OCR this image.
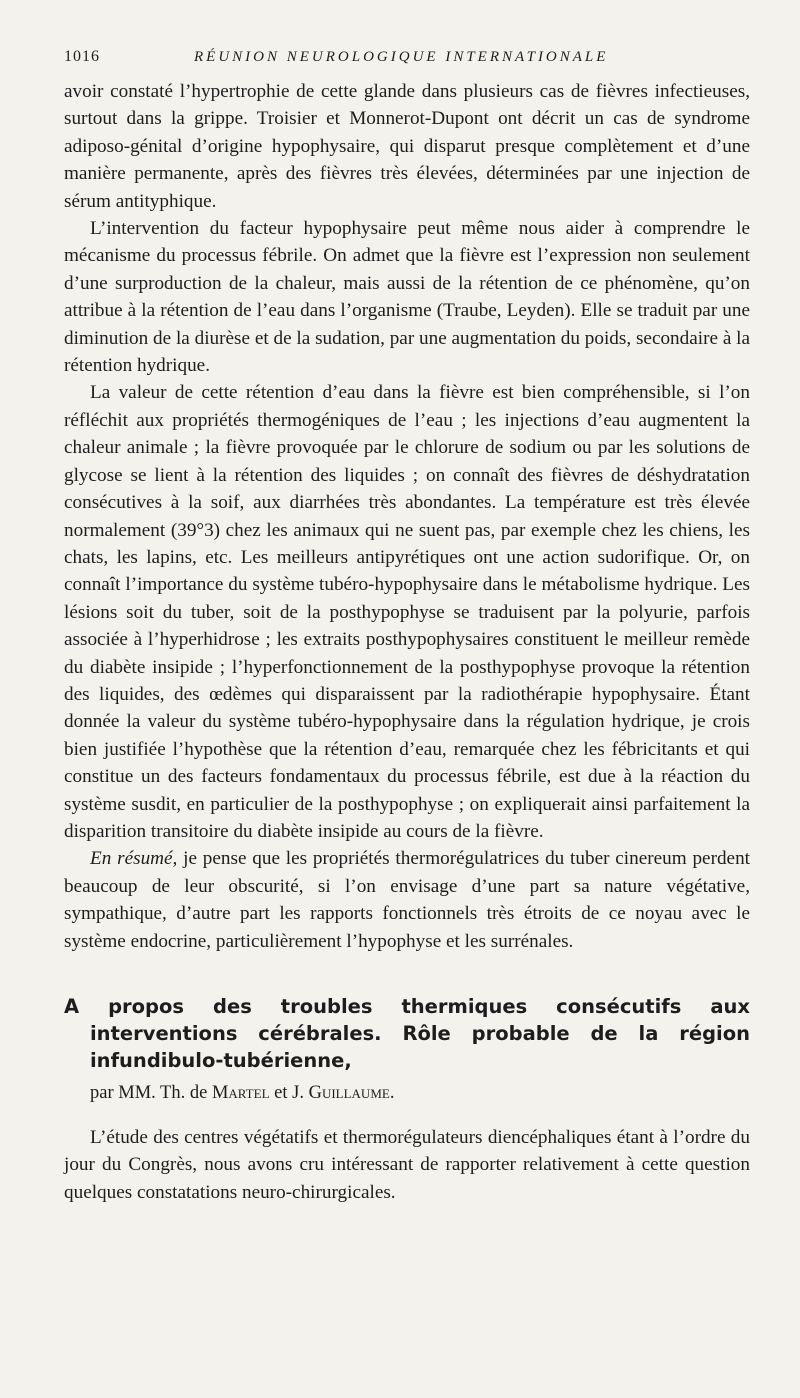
1016	RÉUNION NEUROLOGIQUE INTERNATIONALE

avoir constaté l’hypertrophie de cette glande dans plusieurs cas de fièvres infectieuses, surtout dans la grippe. Troisier et Monnerot-Dupont ont décrit un cas de syndrome adiposo-génital d’origine hypophysaire, qui disparut presque complètement et d’une manière permanente, après des fièvres très élevées, déterminées par une injection de sérum antityphique.

L’intervention du facteur hypophysaire peut même nous aider à comprendre le mécanisme du processus fébrile. On admet que la fièvre est l’expression non seulement d’une surproduction de la chaleur, mais aussi de la rétention de ce phénomène, qu’on attribue à la rétention de l’eau dans l’organisme (Traube, Leyden). Elle se traduit par une diminution de la diurèse et de la sudation, par une augmentation du poids, secondaire à la rétention hydrique.

La valeur de cette rétention d’eau dans la fièvre est bien compréhensible, si l’on réfléchit aux propriétés thermogéniques de l’eau ; les injections d’eau augmentent la chaleur animale ; la fièvre provoquée par le chlorure de sodium ou par les solutions de glycose se lient à la rétention des liquides ; on connaît des fièvres de déshydratation consécutives à la soif, aux diarrhées très abondantes. La température est très élevée normalement (39°3) chez les animaux qui ne suent pas, par exemple chez les chiens, les chats, les lapins, etc. Les meilleurs antipyrétiques ont une action sudorifique. Or, on connaît l’importance du système tubéro-hypophysaire dans le métabolisme hydrique. Les lésions soit du tuber, soit de la posthypophyse se traduisent par la polyurie, parfois associée à l’hyperhidrose ; les extraits posthypophysaires constituent le meilleur remède du diabète insipide ; l’hyperfonctionnement de la posthypophyse provoque la rétention des liquides, des œdèmes qui disparaissent par la radiothérapie hypophysaire. Étant donnée la valeur du système tubéro-hypophysaire dans la régulation hydrique, je crois bien justifiée l’hypothèse que la rétention d’eau, remarquée chez les fébricitants et qui constitue un des facteurs fondamentaux du processus fébrile, est due à la réaction du système susdit, en particulier de la posthypophyse ; on expliquerait ainsi parfaitement la disparition transitoire du diabète insipide au cours de la fièvre.

En résumé, je pense que les propriétés thermorégulatrices du tuber cinereum perdent beaucoup de leur obscurité, si l’on envisage d’une part sa nature végétative, sympathique, d’autre part les rapports fonctionnels très étroits de ce noyau avec le système endocrine, particulièrement l’hypophyse et les surrénales.

A propos des troubles thermiques consécutifs aux interventions cérébrales. Rôle probable de la région infundibulo-tubérienne,
par MM. Th. de Martel et J. Guillaume.

L’étude des centres végétatifs et thermorégulateurs diencéphaliques étant à l’ordre du jour du Congrès, nous avons cru intéressant de rapporter relativement à cette question quelques constatations neuro-chirurgicales.
